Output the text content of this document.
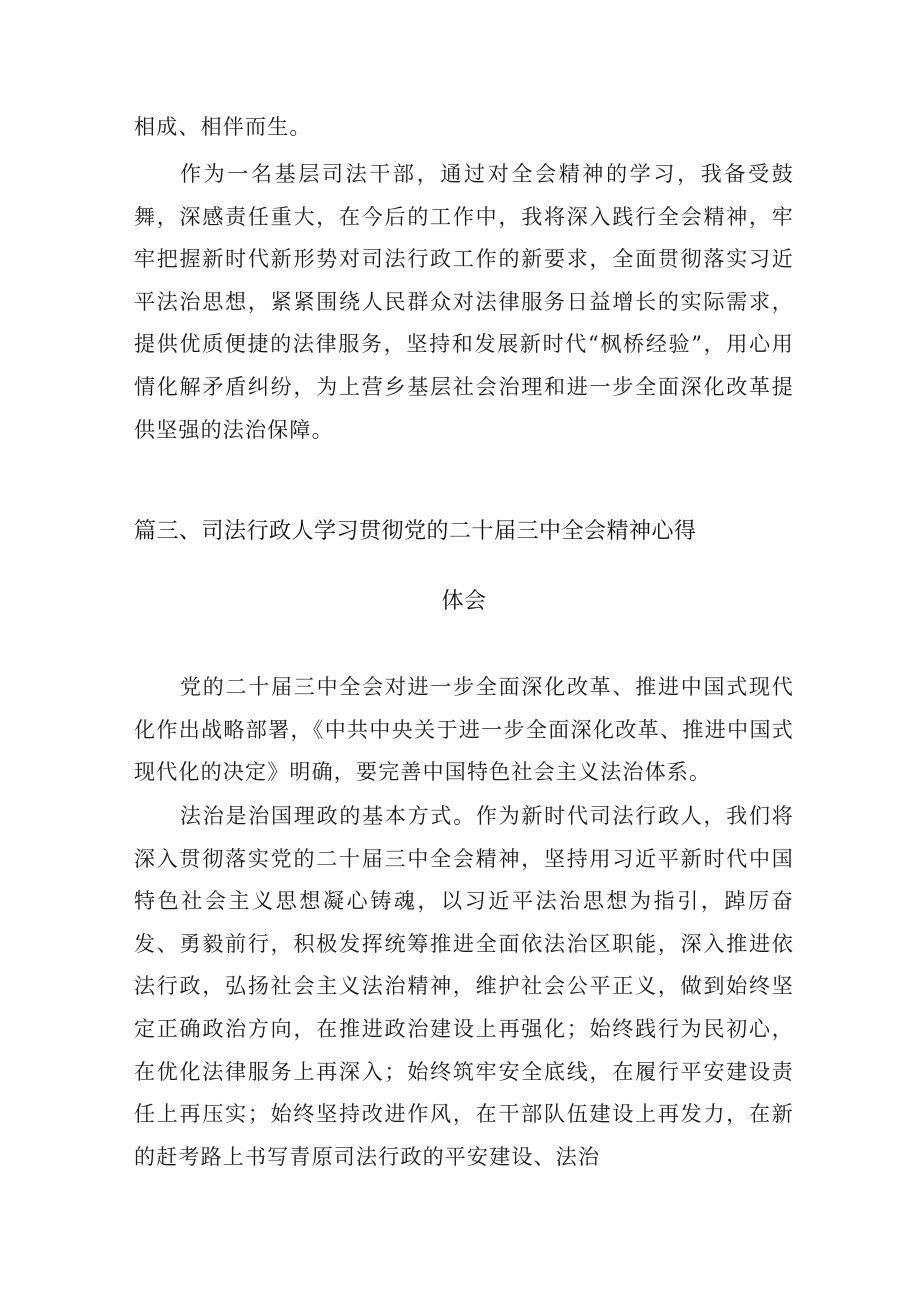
相成、相伴而生。

作为一名基层司法干部，通过对全会精神的学习，我备受鼓舞，深感责任重大，在今后的工作中，我将深入践行全会精神，牢牢把握新时代新形势对司法行政工作的新要求，全面贯彻落实习近平法治思想，紧紧围绕人民群众对法律服务日益增长的实际需求，提供优质便捷的法律服务，坚持和发展新时代“枫桥经验”，用心用情化解矛盾纠纷，为上营乡基层社会治理和进一步全面深化改革提供坚强的法治保障。

篇三、司法行政人学习贯彻党的二十届三中全会精神心得
体会

党的二十届三中全会对进一步全面深化改革、推进中国式现代化作出战略部署，《中共中央关于进一步全面深化改革、推进中国式现代化的决定》明确，要完善中国特色社会主义法治体系。

法治是治国理政的基本方式。作为新时代司法行政人，我们将深入贯彻落实党的二十届三中全会精神，坚持用习近平新时代中国特色社会主义思想凝心铸魂，以习近平法治思想为指引，踔厉奋发、勇毅前行，积极发挥统筹推进全面依法治区职能，深入推进依法行政，弘扬社会主义法治精神，维护社会公平正义，做到始终坚定正确政治方向，在推进政治建设上再强化；始终践行为民初心，在优化法律服务上再深入；始终筑牢安全底线，在履行平安建设责任上再压实；始终坚持改进作风，在干部队伍建设上再发力，在新的赶考路上书写青原司法行政的平安建设、法治
